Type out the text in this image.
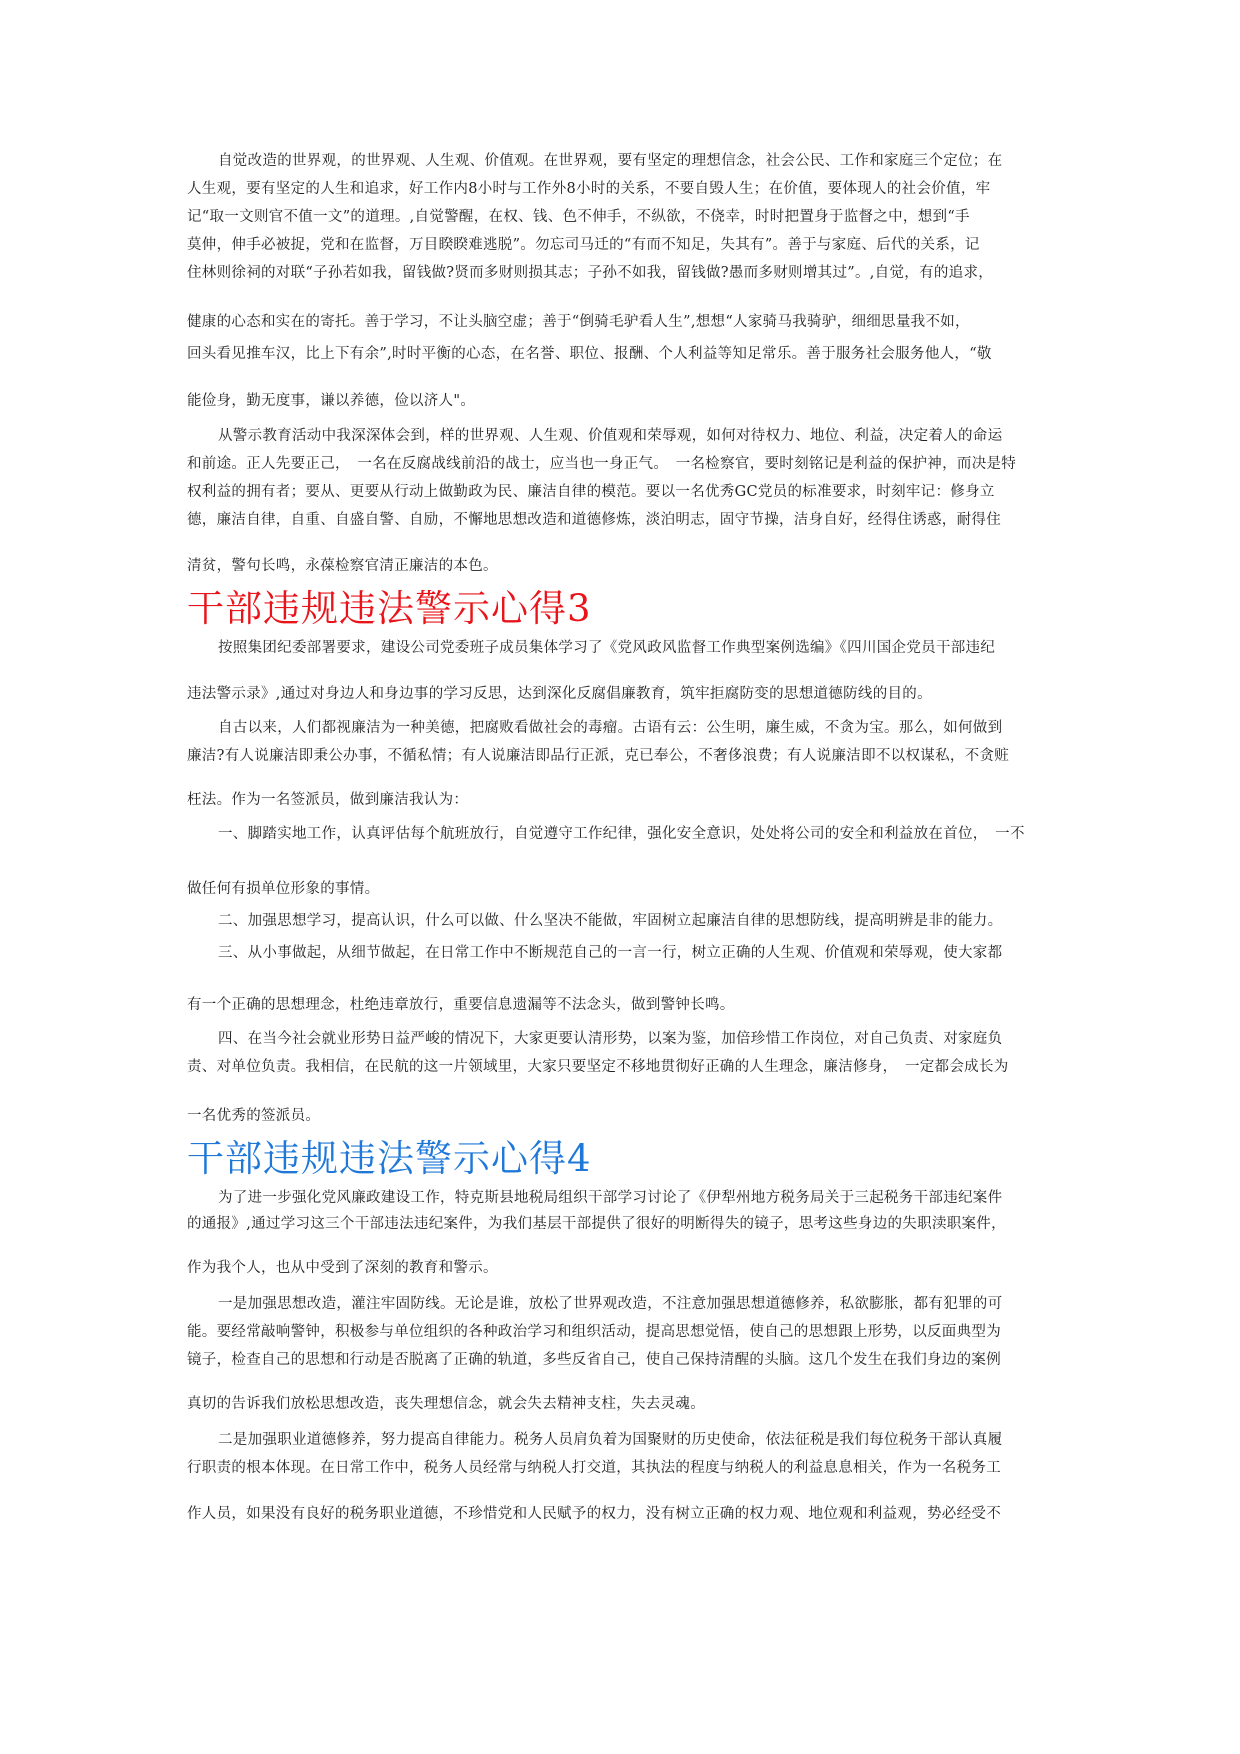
自觉改造的世界观，的世界观、人生观、价值观。在世界观，要有坚定的理想信念，社会公民、工作和家庭三个定位；在
人生观，要有坚定的人生和追求，好工作内8小时与工作外8小时的关系，不要自毁人生；在价值，要体现人的社会价值，牢
记“取一文则官不值一文”的道理。,自觉警醒，在权、钱、色不伸手，不纵欲，不侥幸，时时把置身于监督之中，想到“手
莫伸，伸手必被捉，党和在监督，万目睽睽难逃脱”。勿忘司马迁的“有而不知足，失其有”。善于与家庭、后代的关系，记
住林则徐祠的对联“子孙若如我，留钱做?贤而多财则损其志；子孙不如我，留钱做?愚而多财则增其过”。,自觉，有的追求，
健康的心态和实在的寄托。善于学习，不让头脑空虚；善于“倒骑毛驴看人生”,想想“人家骑马我骑驴，细细思量我不如，
回头看见推车汉，比上下有余”,时时平衡的心态，在名誉、职位、报酬、个人利益等知足常乐。善于服务社会服务他人，“敬
能俭身，勤无度事，谦以养德，俭以济人"。
从警示教育活动中我深深体会到，样的世界观、人生观、价值观和荣辱观，如何对待权力、地位、利益，决定着人的命运
和前途。正人先要正己，　一名在反腐战线前沿的战士，应当也一身正气。　一名检察官，要时刻铭记是利益的保护神，而决是特
权利益的拥有者；要从、更要从行动上做勤政为民、廉洁自律的模范。要以一名优秀GC党员的标准要求，时刻牢记：修身立
德，廉洁自律，自重、自盛自警、自励，不懈地思想改造和道德修炼，淡泊明志，固守节操，洁身自好，经得住诱惑，耐得住
清贫，警句长鸣，永葆检察官清正廉洁的本色。
干部违规违法警示心得3
按照集团纪委部署要求，建设公司党委班子成员集体学习了《党风政风监督工作典型案例选编》《四川国企党员干部违纪
违法警示录》,通过对身边人和身边事的学习反思，达到深化反腐倡廉教育，筑牢拒腐防变的思想道德防线的目的。
自古以来，人们都视廉洁为一种美德，把腐败看做社会的毒瘤。古语有云：公生明，廉生威，不贪为宝。那么，如何做到
廉洁?有人说廉洁即秉公办事，不循私情；有人说廉洁即品行正派，克已奉公，不奢侈浪费；有人说廉洁即不以权谋私，不贪赃
枉法。作为一名签派员，做到廉洁我认为：
一、脚踏实地工作，认真评估每个航班放行，自觉遵守工作纪律，强化安全意识，处处将公司的安全和利益放在首位，　一不
做任何有损单位形象的事情。
二、加强思想学习，提高认识，什么可以做、什么坚决不能做，牢固树立起廉洁自律的思想防线，提高明辨是非的能力。
三、从小事做起，从细节做起，在日常工作中不断规范自己的一言一行，树立正确的人生观、价值观和荣辱观，使大家都
有一个正确的思想理念，杜绝违章放行，重要信息遗漏等不法念头，做到警钟长鸣。
四、在当今社会就业形势日益严峻的情况下，大家更要认清形势，以案为鉴，加倍珍惜工作岗位，对自己负责、对家庭负
责、对单位负责。我相信，在民航的这一片领域里，大家只要坚定不移地贯彻好正确的人生理念，廉洁修身，　一定都会成长为
一名优秀的签派员。
干部违规违法警示心得4
为了进一步强化党风廉政建设工作，特克斯县地税局组织干部学习讨论了《伊犁州地方税务局关于三起税务干部违纪案件
的通报》,通过学习这三个干部违法违纪案件，为我们基层干部提供了很好的明断得失的镜子，思考这些身边的失职渎职案件，
作为我个人，也从中受到了深刻的教育和警示。
一是加强思想改造，灌注牢固防线。无论是谁，放松了世界观改造，不注意加强思想道德修养，私欲膨胀，都有犯罪的可
能。要经常敲响警钟，积极参与单位组织的各种政治学习和组织活动，提高思想觉悟，使自己的思想跟上形势，以反面典型为
镜子，检查自己的思想和行动是否脱离了正确的轨道，多些反省自己，使自己保持清醒的头脑。这几个发生在我们身边的案例
真切的告诉我们放松思想改造，丧失理想信念，就会失去精神支柱，失去灵魂。
二是加强职业道德修养，努力提高自律能力。税务人员肩负着为国聚财的历史使命，依法征税是我们每位税务干部认真履
行职责的根本体现。在日常工作中，税务人员经常与纳税人打交道，其执法的程度与纳税人的利益息息相关，作为一名税务工
作人员，如果没有良好的税务职业道德，不珍惜党和人民赋予的权力，没有树立正确的权力观、地位观和利益观，势必经受不
